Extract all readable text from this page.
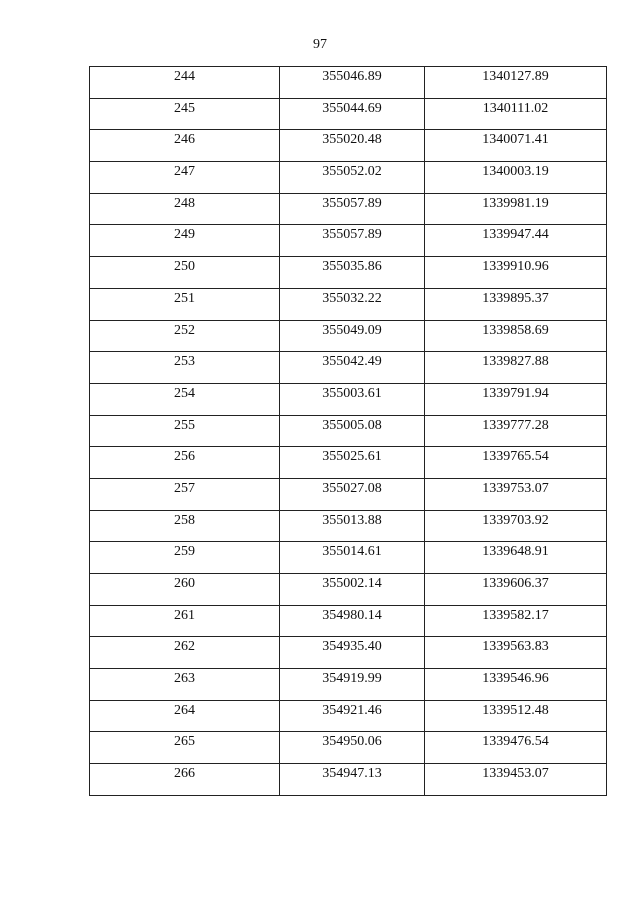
97
244	355046.89	1340127.89

245	355044.69	1340111.02

246	355020.48	1340071.41

247	355052.02	1340003.19

248	355057.89	1339981.19

249	355057.89	1339947.44

250	355035.86	1339910.96

251	355032.22	1339895.37

252	355049.09	1339858.69

253	355042.49	1339827.88

254	355003.61	1339791.94

255	355005.08	1339777.28

256	355025.61	1339765.54

257	355027.08	1339753.07

258	355013.88	1339703.92

259	355014.61	1339648.91

260	355002.14	1339606.37

261	354980.14	1339582.17

262	354935.40	1339563.83

263	354919.99	1339546.96

264	354921.46	1339512.48

265	354950.06	1339476.54

266	354947.13	1339453.07
